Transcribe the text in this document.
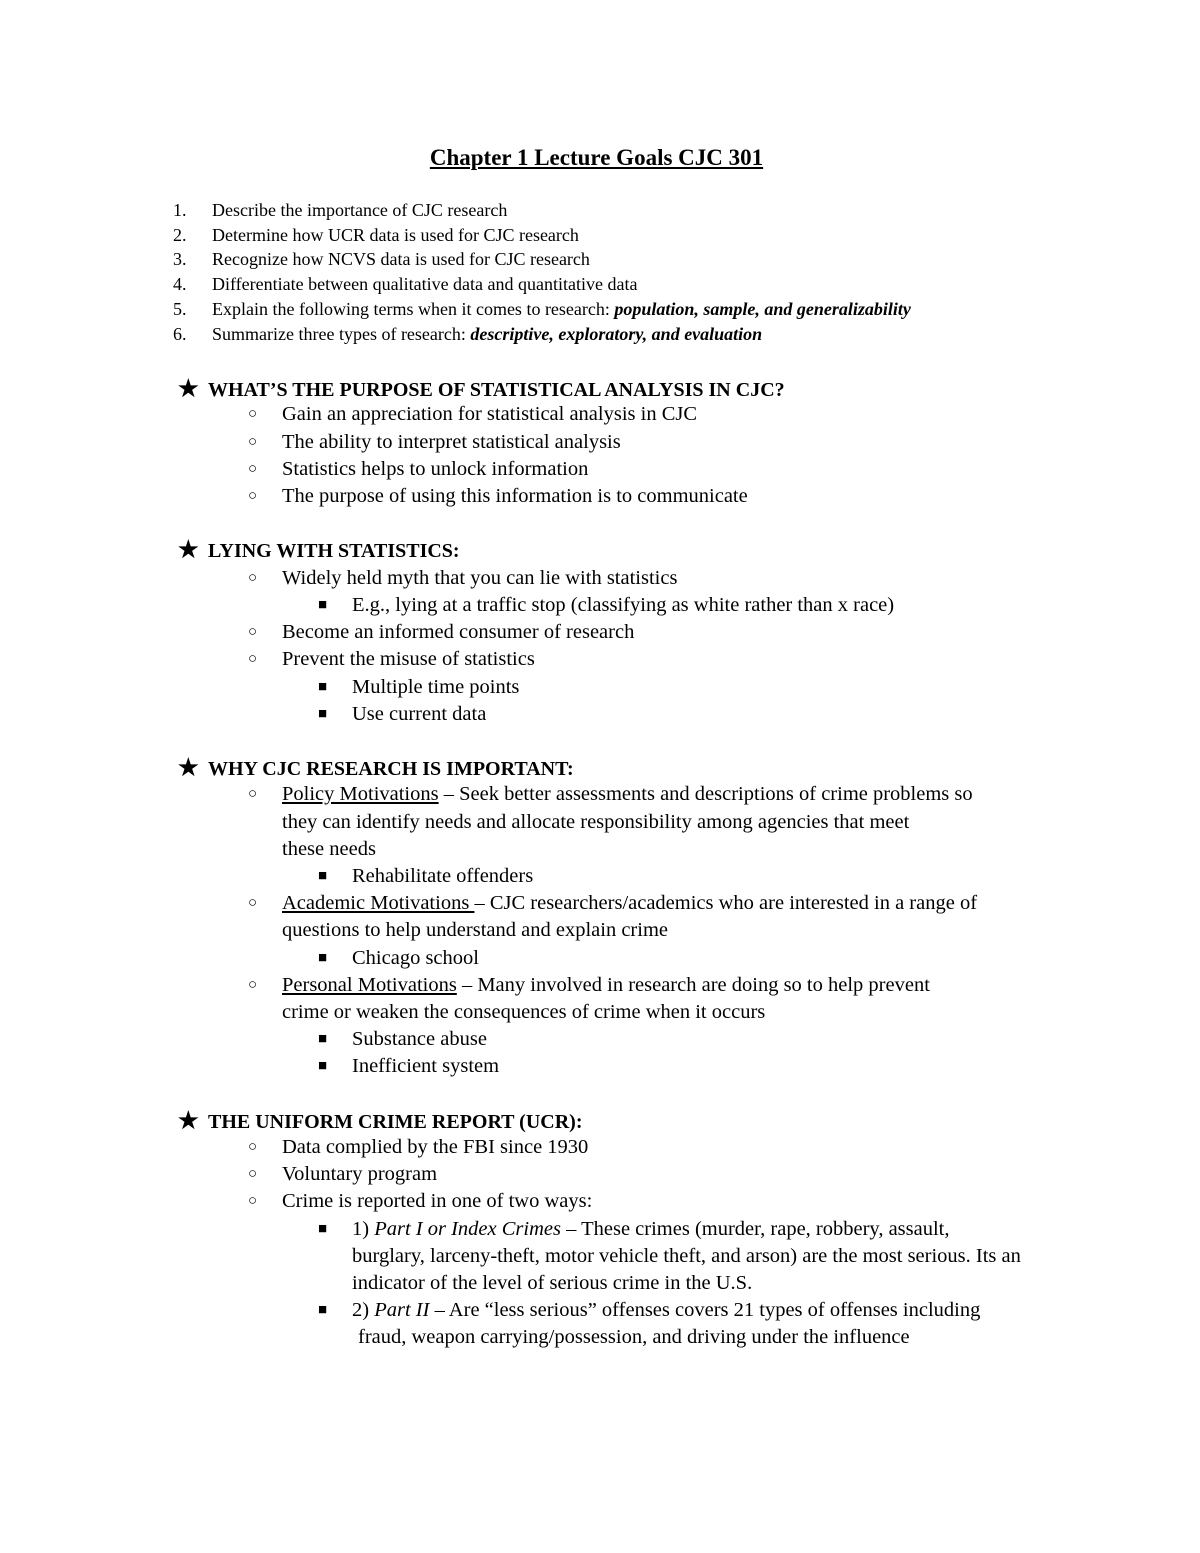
Chapter 1 Lecture Goals CJC 301
1. Describe the importance of CJC research
2. Determine how UCR data is used for CJC research
3. Recognize how NCVS data is used for CJC research
4. Differentiate between qualitative data and quantitative data
5. Explain the following terms when it comes to research: population, sample, and generalizability
6. Summarize three types of research: descriptive, exploratory, and evaluation
★ WHAT’S THE PURPOSE OF STATISTICAL ANALYSIS IN CJC?
○ Gain an appreciation for statistical analysis in CJC
○ The ability to interpret statistical analysis
○ Statistics helps to unlock information
○ The purpose of using this information is to communicate
★ LYING WITH STATISTICS:
○ Widely held myth that you can lie with statistics
■ E.g., lying at a traffic stop (classifying as white rather than x race)
○ Become an informed consumer of research
○ Prevent the misuse of statistics
■ Multiple time points
■ Use current data
★ WHY CJC RESEARCH IS IMPORTANT:
○ Policy Motivations – Seek better assessments and descriptions of crime problems so
they can identify needs and allocate responsibility among agencies that meet
these needs
■ Rehabilitate offenders
○ Academic Motivations – CJC researchers/academics who are interested in a range of
questions to help understand and explain crime
■ Chicago school
○ Personal Motivations – Many involved in research are doing so to help prevent
crime or weaken the consequences of crime when it occurs
■ Substance abuse
■ Inefficient system
★ THE UNIFORM CRIME REPORT (UCR):
○ Data complied by the FBI since 1930
○ Voluntary program
○ Crime is reported in one of two ways:
■ 1) Part I or Index Crimes – These crimes (murder, rape, robbery, assault,
burglary, larceny-theft, motor vehicle theft, and arson) are the most serious. Its an
indicator of the level of serious crime in the U.S.
■ 2) Part II – Are “less serious” offenses covers 21 types of offenses including
fraud, weapon carrying/possession, and driving under the influence
